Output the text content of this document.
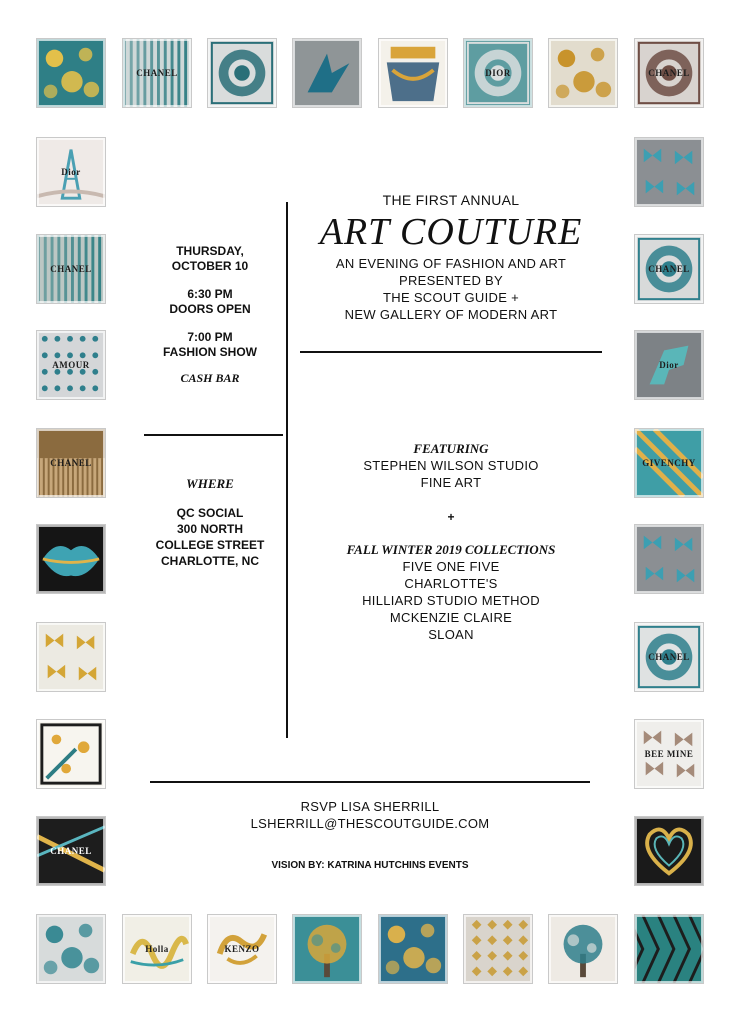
CHANEL	DIOR	CHANEL
Dior
CHANEL
AMOUR
CHANEL
CHANEL
CHANEL
Dior
GIVENCHY
CHANEL
BEE MINE
Holla	KENZO
THE FIRST ANNUAL
ART COUTURE
AN EVENING OF FASHION AND ART
PRESENTED BY
THE SCOUT GUIDE +
NEW GALLERY OF MODERN ART
THURSDAY,
OCTOBER 10
6:30 PM
DOORS OPEN
7:00 PM
FASHION SHOW
CASH BAR
WHERE
QC SOCIAL
300 NORTH
COLLEGE STREET
CHARLOTTE, NC
FEATURING
STEPHEN WILSON STUDIO
FINE ART
+
FALL WINTER 2019 COLLECTIONS
FIVE ONE FIVE
CHARLOTTE'S
HILLIARD STUDIO METHOD
MCKENZIE CLAIRE
SLOAN
RSVP LISA SHERRILL
LSHERRILL@THESCOUTGUIDE.COM
VISION BY: KATRINA HUTCHINS EVENTS
